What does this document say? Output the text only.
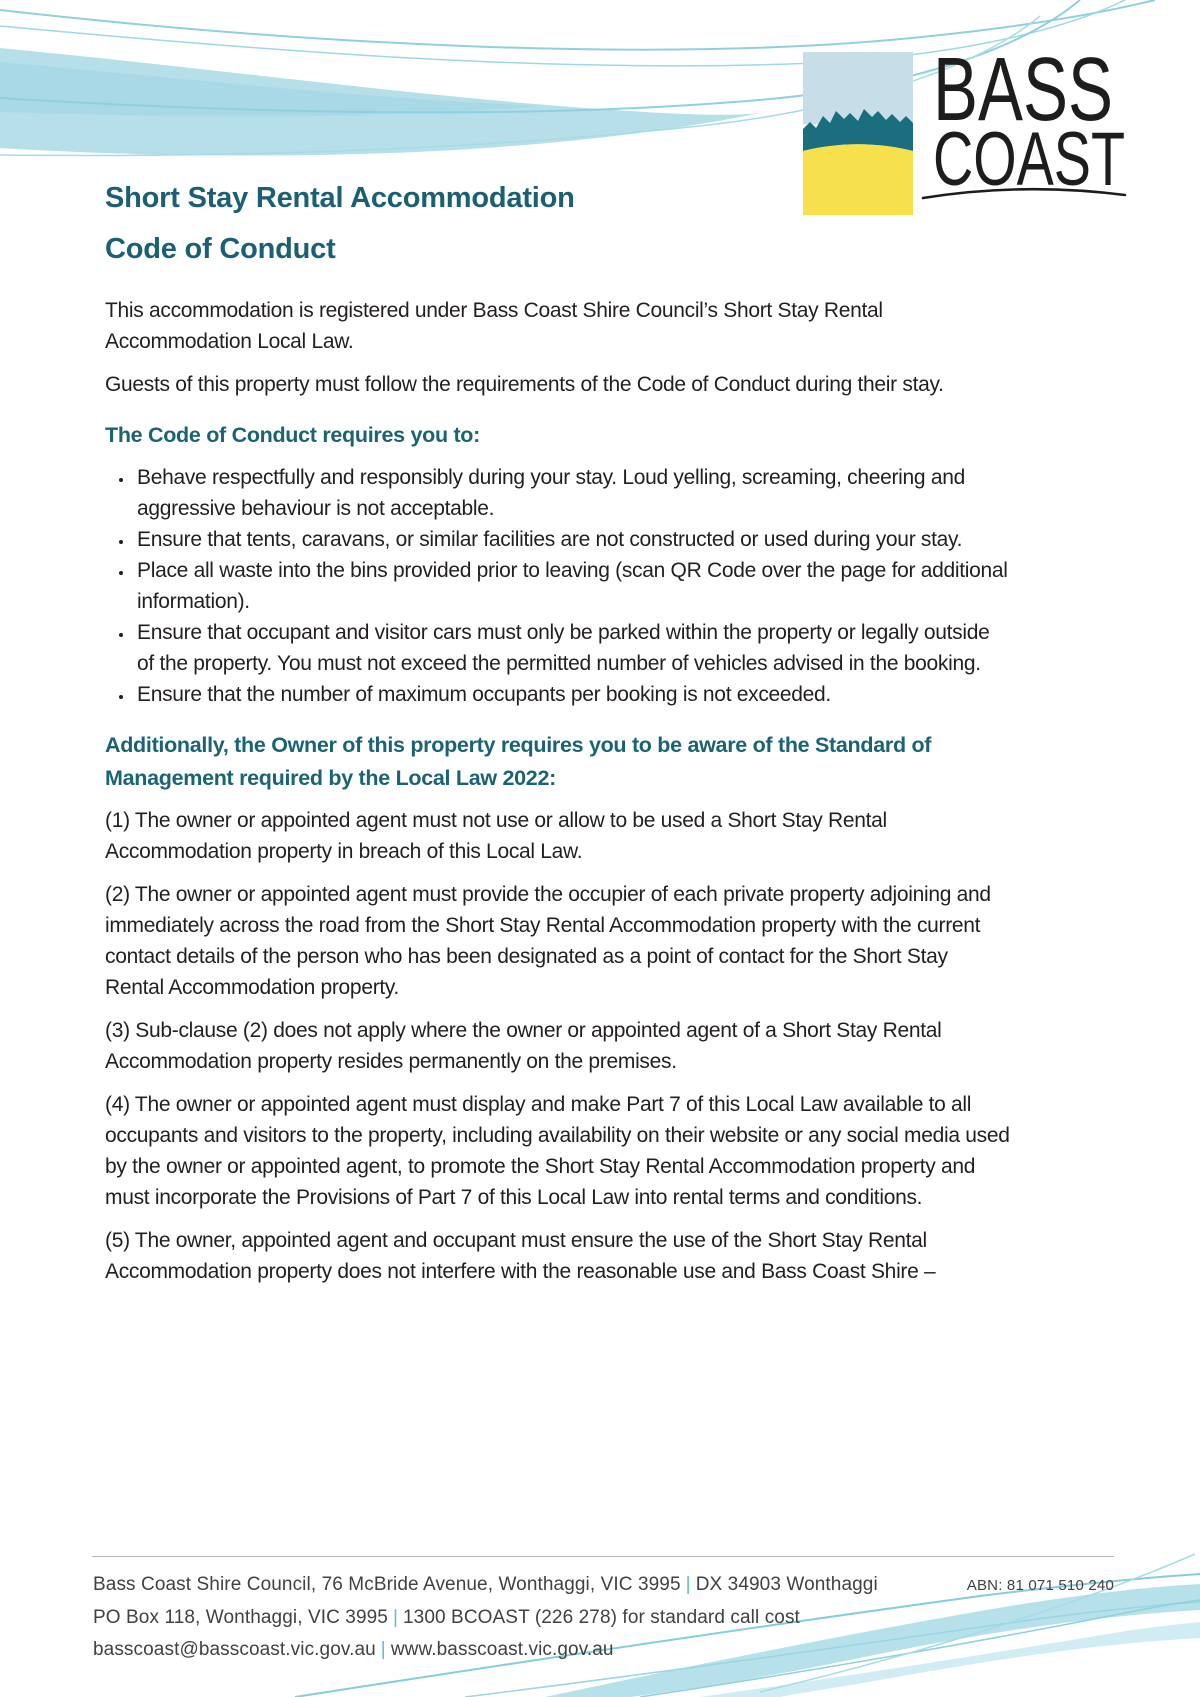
BASS
COAST
Short Stay Rental Accommodation
Code of Conduct

This accommodation is registered under Bass Coast Shire Council’s Short Stay Rental Accommodation Local Law.

Guests of this property must follow the requirements of the Code of Conduct during their stay.

The Code of Conduct requires you to:
• Behave respectfully and responsibly during your stay. Loud yelling, screaming, cheering and aggressive behaviour is not acceptable.
• Ensure that tents, caravans, or similar facilities are not constructed or used during your stay.
• Place all waste into the bins provided prior to leaving (scan QR Code over the page for additional information).
• Ensure that occupant and visitor cars must only be parked within the property or legally outside of the property. You must not exceed the permitted number of vehicles advised in the booking.
• Ensure that the number of maximum occupants per booking is not exceeded.
Additionally, the Owner of this property requires you to be aware of the Standard of
Management required by the Local Law 2022:

(1) The owner or appointed agent must not use or allow to be used a Short Stay Rental Accommodation property in breach of this Local Law.

(2) The owner or appointed agent must provide the occupier of each private property adjoining and immediately across the road from the Short Stay Rental Accommodation property with the current contact details of the person who has been designated as a point of contact for the Short Stay Rental Accommodation property.

(3) Sub-clause (2) does not apply where the owner or appointed agent of a Short Stay Rental Accommodation property resides permanently on the premises.

(4) The owner or appointed agent must display and make Part 7 of this Local Law available to all occupants and visitors to the property, including availability on their website or any social media used by the owner or appointed agent, to promote the Short Stay Rental Accommodation property and must incorporate the Provisions of Part 7 of this Local Law into rental terms and conditions.

(5) The owner, appointed agent and occupant must ensure the use of the Short Stay Rental Accommodation property does not interfere with the reasonable use and Bass Coast Shire –

Bass Coast Shire Council, 76 McBride Avenue, Wonthaggi, VIC 3995 | DX 34903 Wonthaggi
PO Box 118, Wonthaggi, VIC 3995 | 1300 BCOAST (226 278) for standard call cost
basscoast@basscoast.vic.gov.au | www.basscoast.vic.gov.au
ABN: 81 071 510 240
